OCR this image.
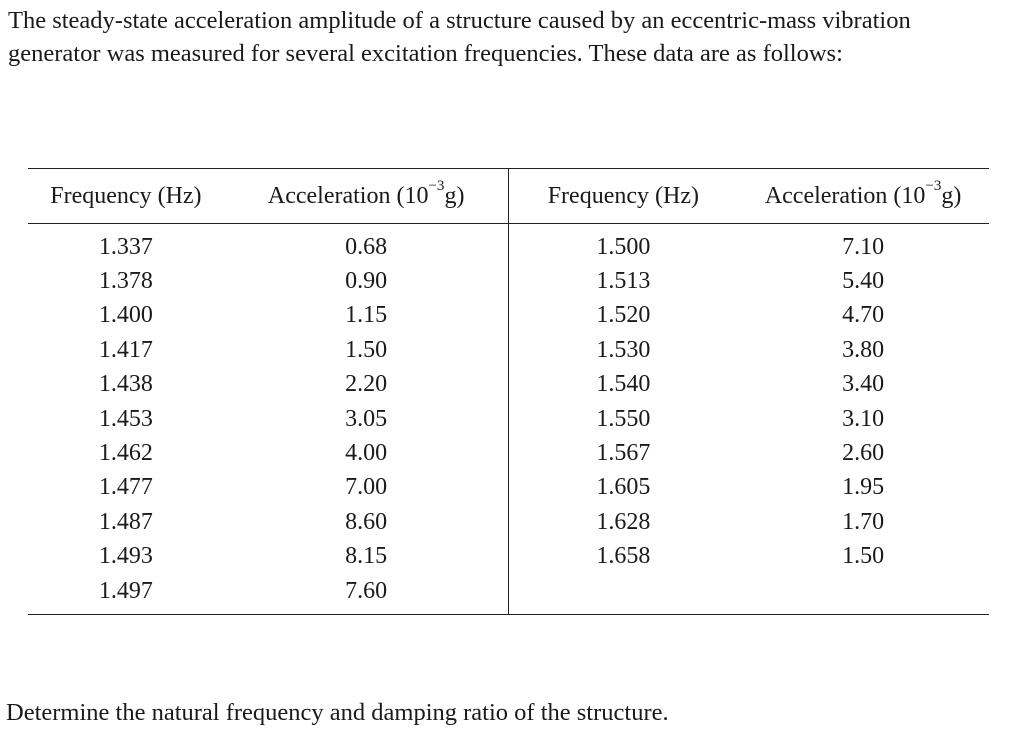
The steady-state acceleration amplitude of a structure caused by an eccentric-mass vibration
generator was measured for several excitation frequencies. These data are as follows:

Frequency (Hz)	Acceleration $(10^{-3}g)$	Frequency (Hz)	Acceleration $(10^{-3}g)$
1.337	0.68	1.500	7.10
1.378	0.90	1.513	5.40
1.400	1.15	1.520	4.70
1.417	1.50	1.530	3.80
1.438	2.20	1.540	3.40
1.453	3.05	1.550	3.10
1.462	4.00	1.567	2.60
1.477	7.00	1.605	1.95
1.487	8.60	1.628	1.70
1.493	8.15	1.658	1.50
1.497	7.60		

Determine the natural frequency and damping ratio of the structure.
